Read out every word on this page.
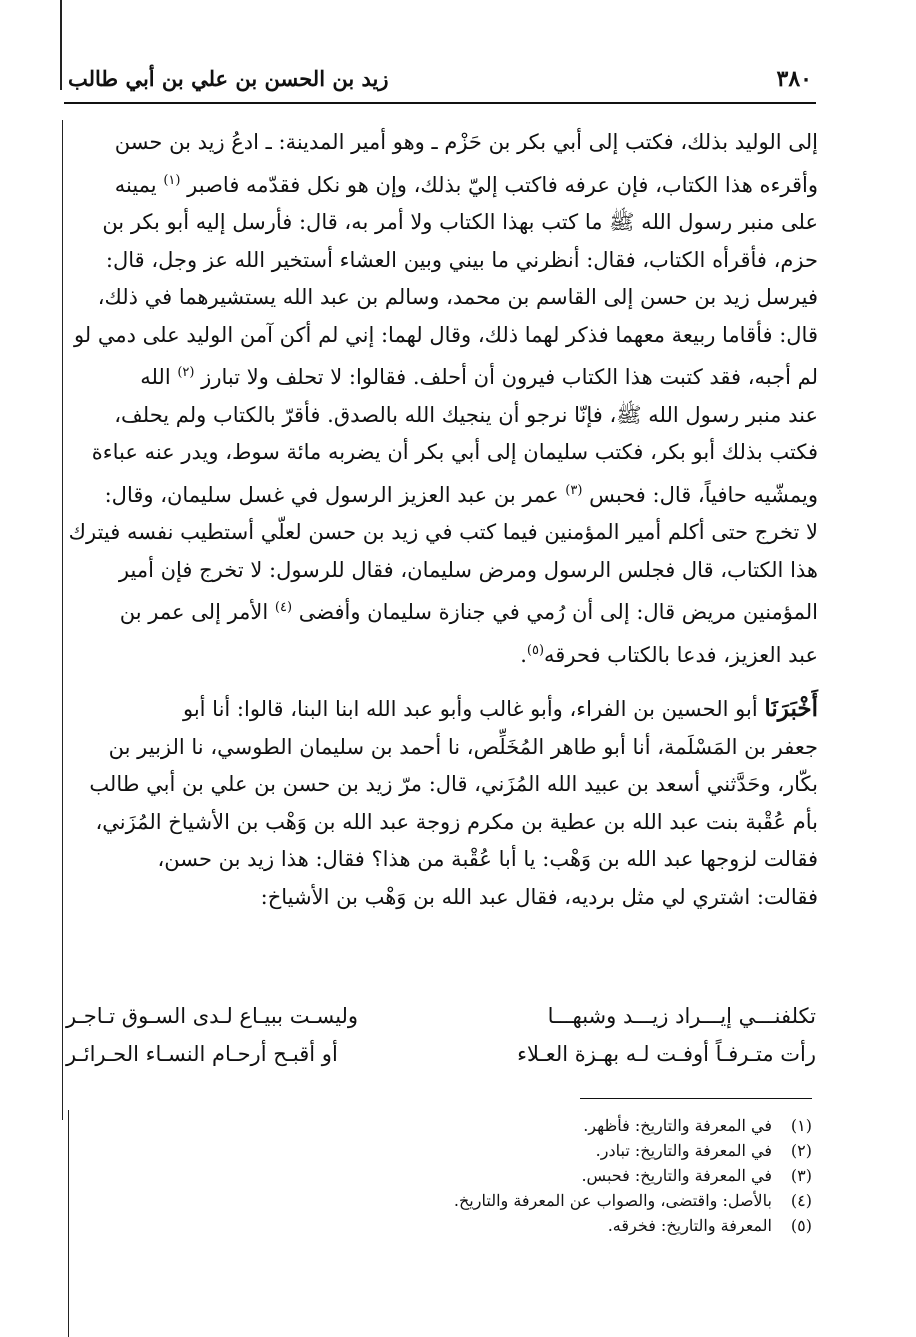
٣٨٠
زيد بن الحسن بن علي بن أبي طالب

إلى الوليد بذلك، فكتب إلى أبي بكر بن حَزْم ـ وهو أمير المدينة: ـ ادعُ زيد بن حسن

وأقرءه هذا الكتاب، فإن عرفه فاكتب إليّ بذلك، وإن هو نكل فقدّمه فاصبر $^{(١)}$ يمينه

على منبر رسول الله ﷺ ما كتب بهذا الكتاب ولا أمر به، قال: فأرسل إليه أبو بكر بن

حزم، فأقرأه الكتاب، فقال: أنظرني ما بيني وبين العشاء أستخير الله عز وجل، قال:

فيرسل زيد بن حسن إلى القاسم بن محمد، وسالم بن عبد الله يستشيرهما في ذلك،

قال: فأقاما ربيعة معهما فذكر لهما ذلك، وقال لهما: إني لم أكن آمن الوليد على دمي لو

لم أجبه، فقد كتبت هذا الكتاب فيرون أن أحلف. فقالوا: لا تحلف ولا تبارز $^{(٢)}$ الله

عند منبر رسول الله ﷺ، فإنّا نرجو أن ينجيك الله بالصدق. فأقرّ بالكتاب ولم يحلف،

فكتب بذلك أبو بكر، فكتب سليمان إلى أبي بكر أن يضربه مائة سوط، ويدر عنه عباءة

ويمشّيه حافياً، قال: فحبس $^{(٣)}$ عمر بن عبد العزيز الرسول في غسل سليمان، وقال:

لا تخرج حتى أكلم أمير المؤمنين فيما كتب في زيد بن حسن لعلّي أستطيب نفسه فيترك

هذا الكتاب، قال فجلس الرسول ومرض سليمان، فقال للرسول: لا تخرج فإن أمير

المؤمنين مريض قال: إلى أن رُمي في جنازة سليمان وأفضى $^{(٤)}$ الأمر إلى عمر بن

عبد العزيز، فدعا بالكتاب فحرقه$^{(٥)}$.

أَخْبَرَنَا أبو الحسين بن الفراء، وأبو غالب وأبو عبد الله ابنا البنا، قالوا: أنا أبو

جعفر بن المَسْلَمة، أنا أبو طاهر المُخَلِّص، نا أحمد بن سليمان الطوسي، نا الزبير بن

بكّار، وحَدَّثني أسعد بن عبيد الله المُزَني، قال: مرّ زيد بن حسن بن علي بن أبي طالب

بأم عُقْبة بنت عبد الله بن عطية بن مكرم زوجة عبد الله بن وَهْب بن الأشياخ المُزَني،

فقالت لزوجها عبد الله بن وَهْب: يا أبا عُقْبة من هذا؟ فقال: هذا زيد بن حسن،

فقالت: اشتري لي مثل برديه، فقال عبد الله بن وَهْب بن الأشياخ:

تكلفنـــي إيـــراد زيـــد وشبهـــا
وليسـت ببيـاع لـدى السـوق تـاجـر
رأت متـرفـاً أوفـت لـه بهـزة العـلاء
أو أقبـح أرحـام النسـاء الحـرائـر
(١)في المعرفة والتاريخ: فأظهر.
(٢)في المعرفة والتاريخ: تبادر.
(٣)في المعرفة والتاريخ: فحبس.
(٤)بالأصل: واقتضى، والصواب عن المعرفة والتاريخ.
(٥)المعرفة والتاريخ: فخرقه.
